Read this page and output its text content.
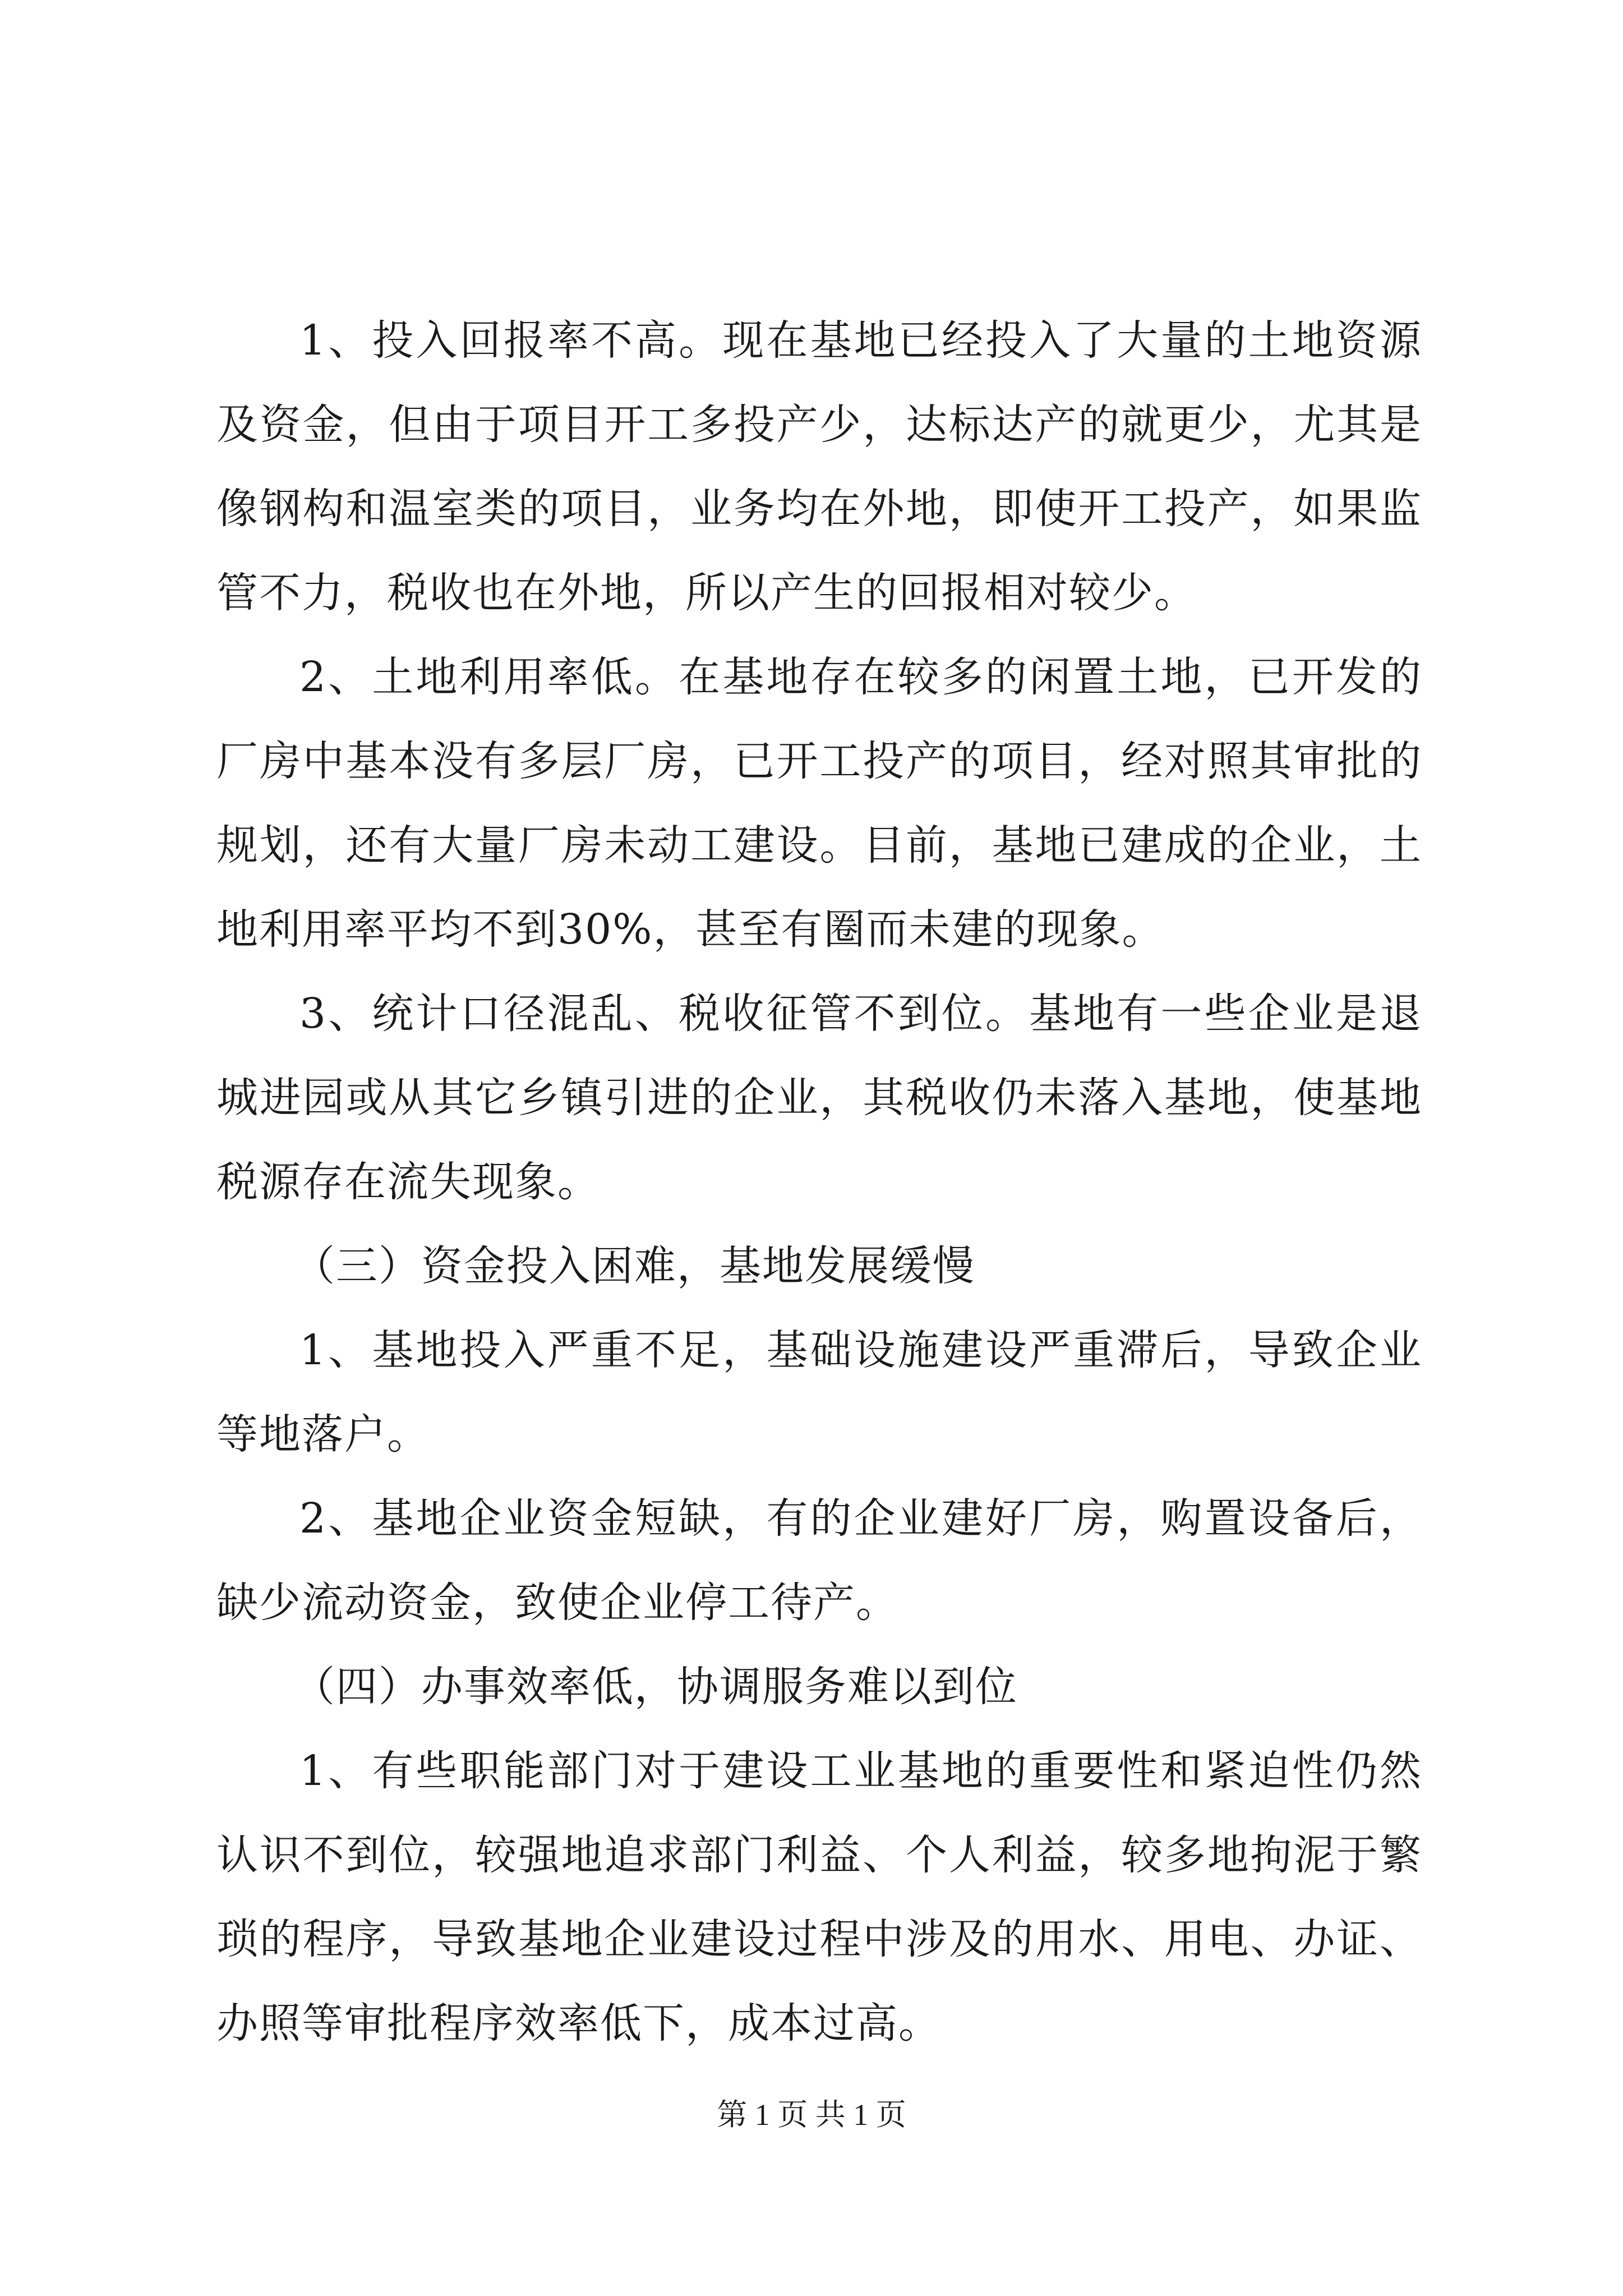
1、投入回报率不高。现在基地已经投入了大量的土地资源及资金，但由于项目开工多投产少，达标达产的就更少，尤其是像钢构和温室类的项目，业务均在外地，即使开工投产，如果监管不力，税收也在外地，所以产生的回报相对较少。

2、土地利用率低。在基地存在较多的闲置土地，已开发的厂房中基本没有多层厂房，已开工投产的项目，经对照其审批的规划，还有大量厂房未动工建设。目前，基地已建成的企业，土地利用率平均不到30%，甚至有圈而未建的现象。

3、统计口径混乱、税收征管不到位。基地有一些企业是退城进园或从其它乡镇引进的企业，其税收仍未落入基地，使基地税源存在流失现象。

（三）资金投入困难，基地发展缓慢

1、基地投入严重不足，基础设施建设严重滞后，导致企业等地落户。

2、基地企业资金短缺，有的企业建好厂房，购置设备后，缺少流动资金，致使企业停工待产。

（四）办事效率低，协调服务难以到位

1、有些职能部门对于建设工业基地的重要性和紧迫性仍然认识不到位，较强地追求部门利益、个人利益，较多地拘泥于繁琐的程序，导致基地企业建设过程中涉及的用水、用电、办证、办照等审批程序效率低下，成本过高。

第 1 页 共 1 页
